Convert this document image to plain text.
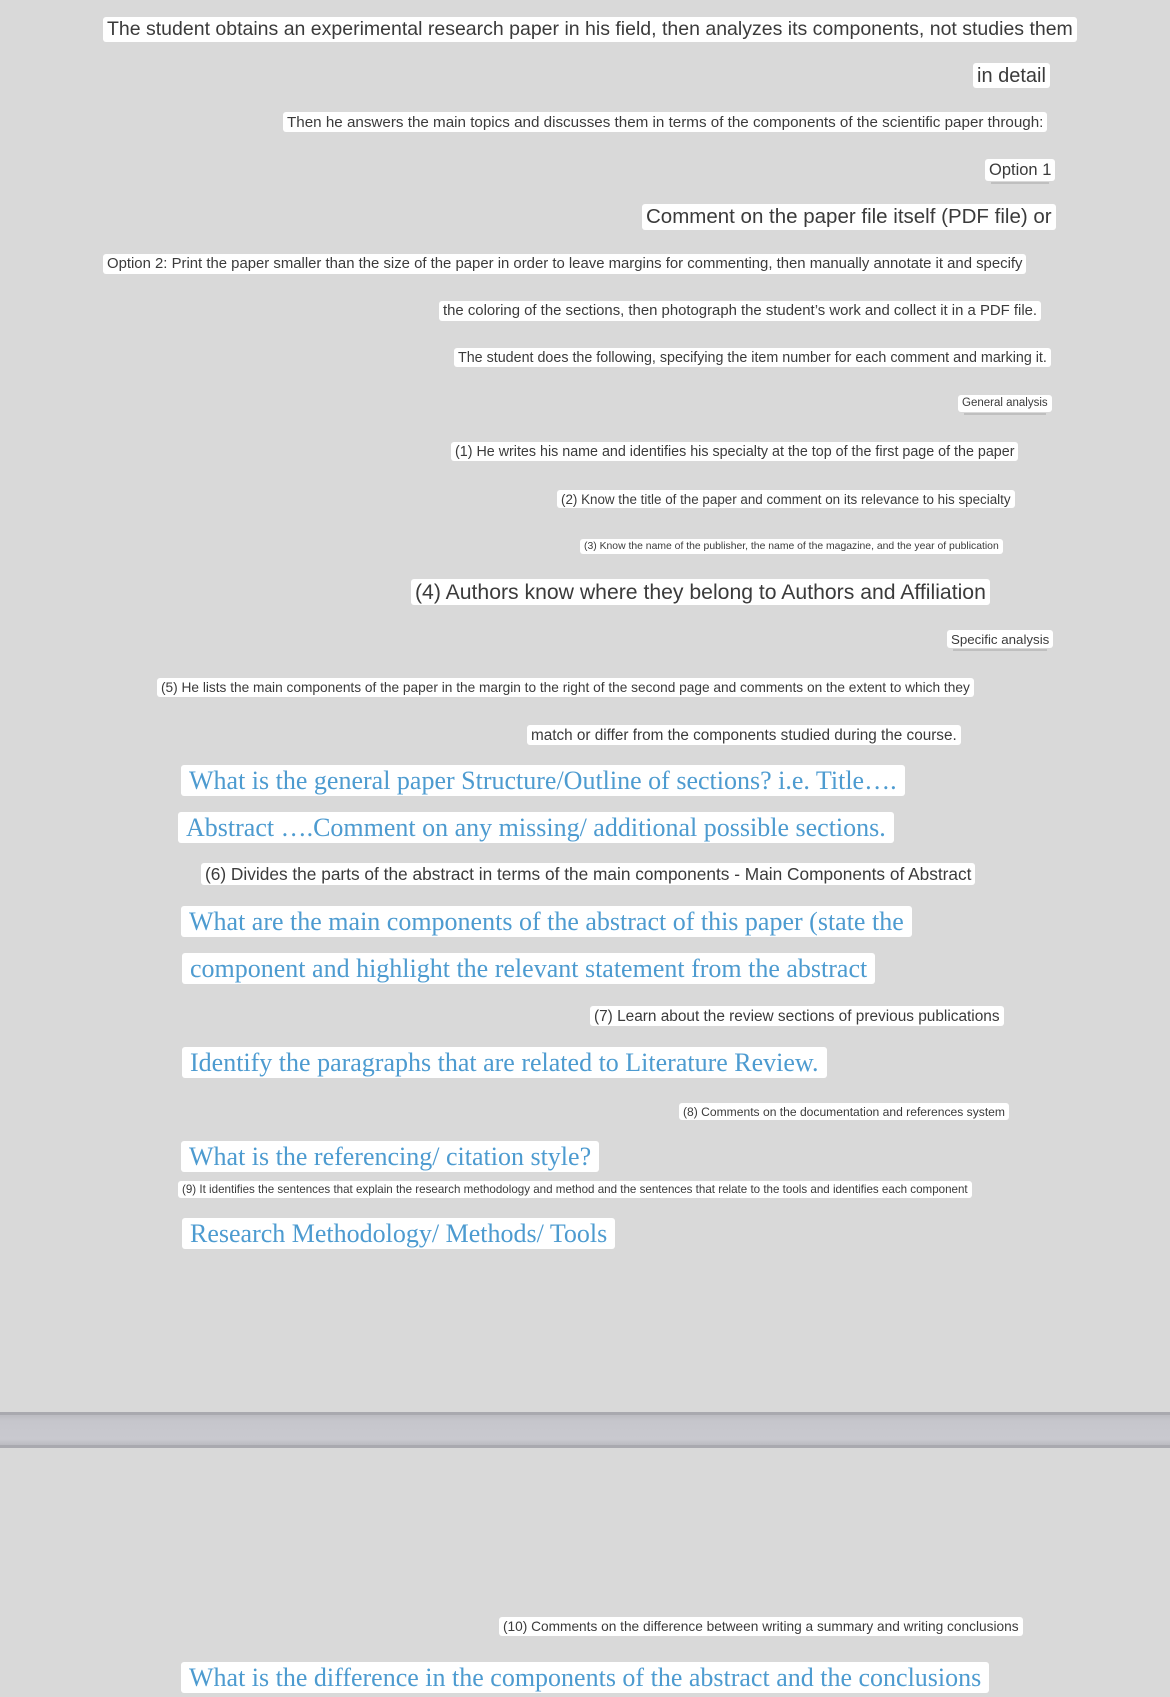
The student obtains an experimental research paper in his field, then analyzes its components, not studies them
in detail
Then he answers the main topics and discusses them in terms of the components of the scientific paper through:
Option 1
Comment on the paper file itself (PDF file) or
Option 2: Print the paper smaller than the size of the paper in order to leave margins for commenting, then manually annotate it and specify
the coloring of the sections, then photograph the student’s work and collect it in a PDF file.
The student does the following, specifying the item number for each comment and marking it.
General analysis
(1) He writes his name and identifies his specialty at the top of the first page of the paper
(2) Know the title of the paper and comment on its relevance to his specialty
(3) Know the name of the publisher, the name of the magazine, and the year of publication
(4) Authors know where they belong to Authors and Affiliation
Specific analysis
(5) He lists the main components of the paper in the margin to the right of the second page and comments on the extent to which they
match or differ from the components studied during the course.
What is the general paper Structure/Outline of sections? i.e. Title….
Abstract ….Comment on any missing/ additional possible sections.
(6) Divides the parts of the abstract in terms of the main components - Main Components of Abstract
What are the main components of the abstract of this paper (state the
component and highlight the relevant statement from the abstract
(7) Learn about the review sections of previous publications
Identify the paragraphs that are related to Literature Review.
(8) Comments on the documentation and references system
What is the referencing/ citation style?
(9) It identifies the sentences that explain the research methodology and method and the sentences that relate to the tools and identifies each component
Research Methodology/ Methods/ Tools
(10) Comments on the difference between writing a summary and writing conclusions
What is the difference in the components of the abstract and the conclusions
